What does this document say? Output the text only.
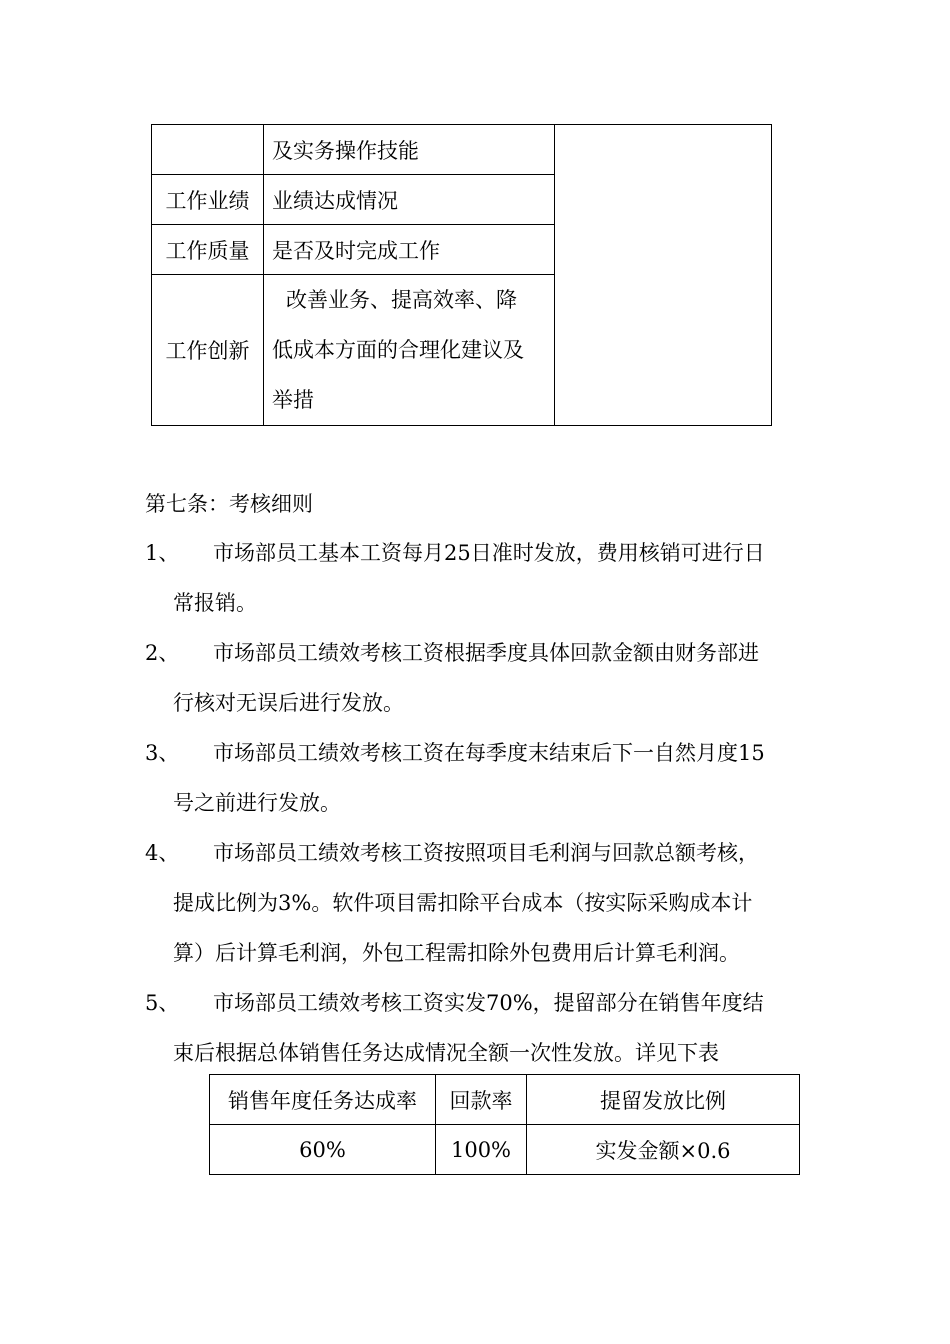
	及实务操作技能	
工作业绩	业绩达成情况	
工作质量	是否及时完成工作	
工作创新	改善业务、提高效率、降
低成本方面的合理化建议及
举措	
第七条：考核细则
1、	市场部员工基本工资每月25日准时发放，费用核销可进行日
常报销。
2、	市场部员工绩效考核工资根据季度具体回款金额由财务部进
行核对无误后进行发放。
3、	市场部员工绩效考核工资在每季度末结束后下一自然月度15
号之前进行发放。
4、	市场部员工绩效考核工资按照项目毛利润与回款总额考核，
提成比例为3%。软件项目需扣除平台成本（按实际采购成本计
算）后计算毛利润，外包工程需扣除外包费用后计算毛利润。
5、	市场部员工绩效考核工资实发70%，提留部分在销售年度结
束后根据总体销售任务达成情况全额一次性发放。详见下表
销售年度任务达成率	回款率	提留发放比例
60%	100%	实发金额×0.6
